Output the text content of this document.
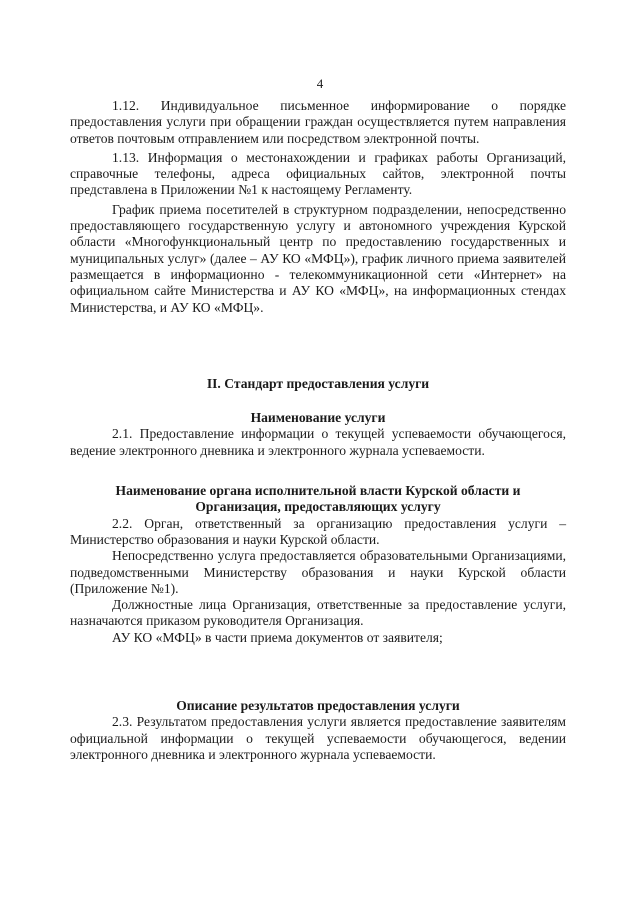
4

1.12. Индивидуальное письменное информирование о порядке предоставления услуги при обращении граждан осуществляется путем направления ответов почтовым отправлением или посредством электронной почты.

1.13. Информация о местонахождении и графиках работы Организаций, справочные телефоны, адреса официальных сайтов, электронной почты представлена в Приложении №1 к настоящему Регламенту.

График приема посетителей в структурном подразделении, непосредственно предоставляющего государственную услугу и автономного учреждения Курской области «Многофункциональный центр по предоставлению государственных и муниципальных услуг» (далее – АУ КО «МФЦ»), график личного приема заявителей размещается в информационно - телекоммуникационной сети «Интернет» на официальном сайте Министерства и АУ КО «МФЦ», на информационных стендах Министерства, и АУ КО «МФЦ».

II. Стандарт предоставления услуги
Наименование услуги

2.1. Предоставление информации о текущей успеваемости обучающегося, ведение электронного дневника и электронного журнала успеваемости.

Наименование органа исполнительной власти Курской области и
Организация, предоставляющих услугу

2.2. Орган, ответственный за организацию предоставления услуги – Министерство образования и науки Курской области.

Непосредственно услуга предоставляется образовательными Организациями, подведомственными Министерству образования и науки Курской области (Приложение №1).

Должностные лица Организация, ответственные за предоставление услуги, назначаются приказом руководителя Организация.

АУ КО «МФЦ» в части приема документов от заявителя;

Описание результатов предоставления услуги

2.3. Результатом предоставления услуги является предоставление заявителям официальной информации о текущей успеваемости обучающегося, ведении электронного дневника и электронного журнала успеваемости.
